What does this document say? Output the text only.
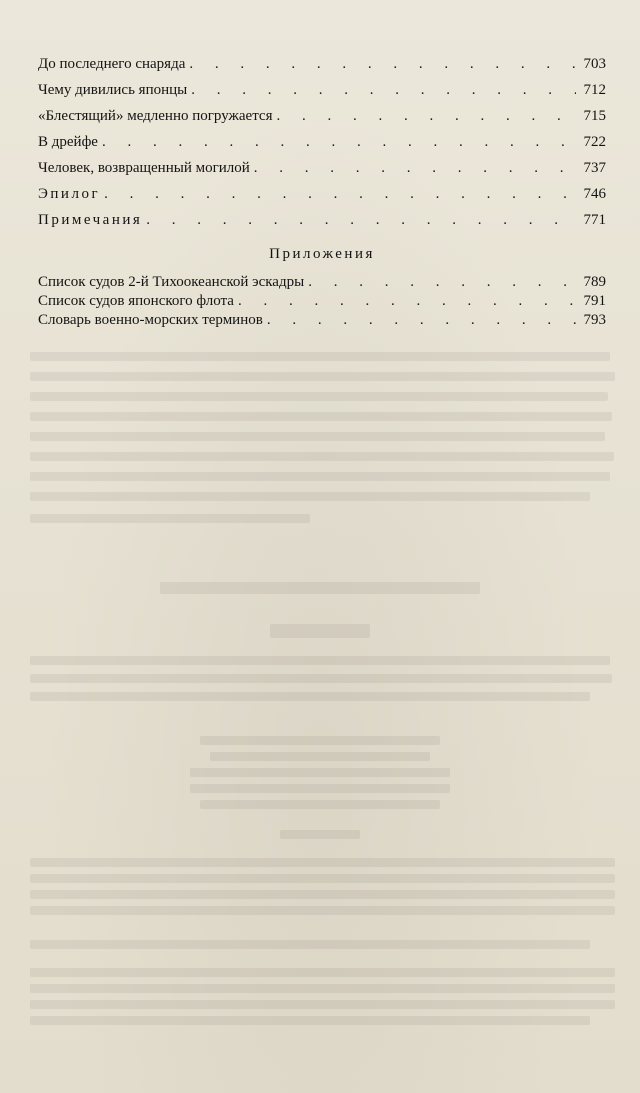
До последнего снаряда . . .	703
Чему дивились японцы . . .	712
«Блестящий» медленно погружается . . .	715
В дрейфе . . .	722
Человек, возвращенный могилой . . .	737
Эпилог . . .	746
Примечания . . .	771
Приложения
Список судов 2-й Тихоокеанской эскадры . . .	789
Список судов японского флота . . .	791
Словарь военно-морских терминов . . .	793
